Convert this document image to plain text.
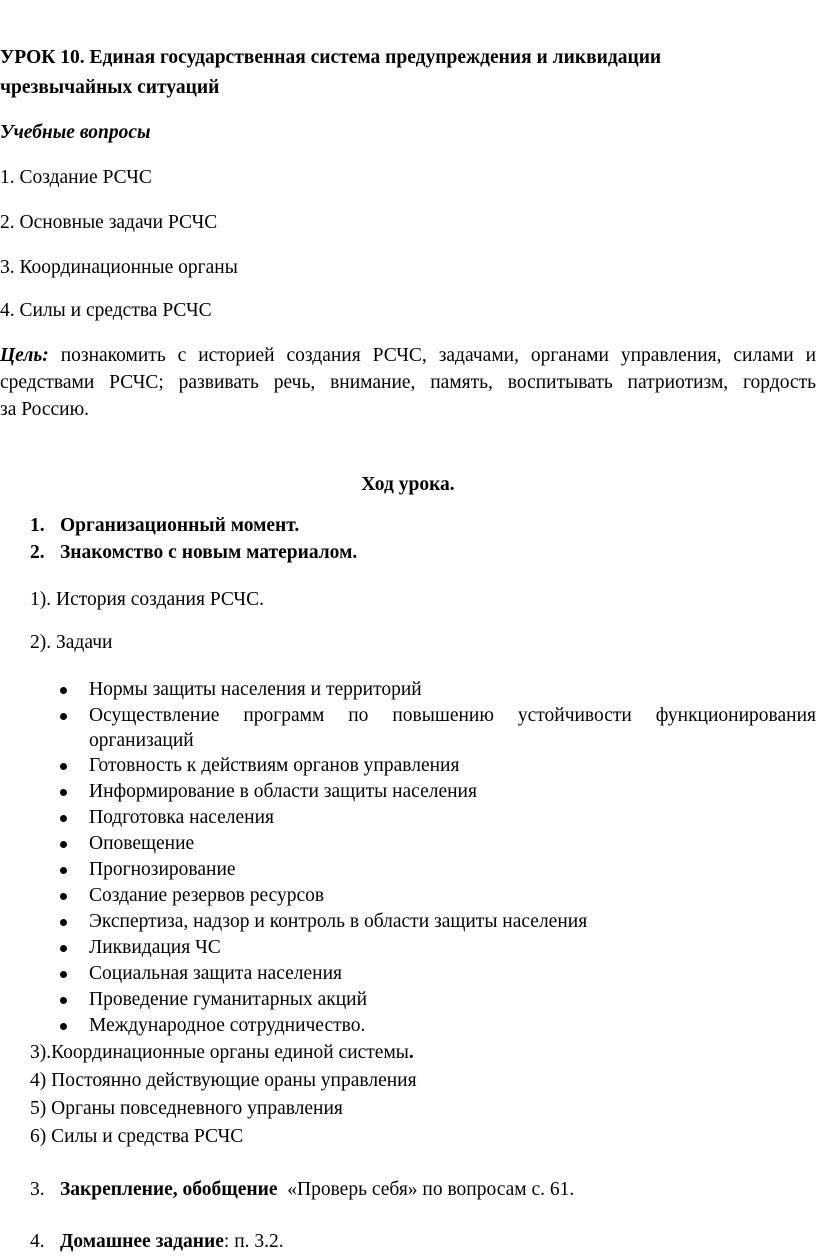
УРОК 10. Единая государственная система предупреждения и ликвидации
чрезвычайных ситуаций
Учебные вопросы
1. Создание РСЧС
2. Основные задачи РСЧС
3. Координационные органы
4. Силы и средства РСЧС
Цель: познакомить с историей создания РСЧС, задачами, органами управления, силами и
средствами РСЧС; развивать речь, внимание, память, воспитывать патриотизм, гордость
за Россию.
Ход урока.
1. Организационный момент.
2. Знакомство с новым материалом.
1). История создания РСЧС.
2). Задачи
Нормы защиты населения и территорий
Осуществление программ по повышению устойчивости функционирования
организаций
Готовность к действиям органов управления
Информирование в области защиты населения
Подготовка населения
Оповещение
Прогнозирование
Создание резервов ресурсов
Экспертиза, надзор и контроль в области защиты населения
Ликвидация ЧС
Социальная защита населения
Проведение гуманитарных акций
Международное сотрудничество.
3).Координационные органы единой системы.
4) Постоянно действующие ораны управления
5) Органы повседневного управления
6) Силы и средства РСЧС
3. Закрепление, обобщение «Проверь себя» по вопросам с. 61.
4. Домашнее задание: п. 3.2.
